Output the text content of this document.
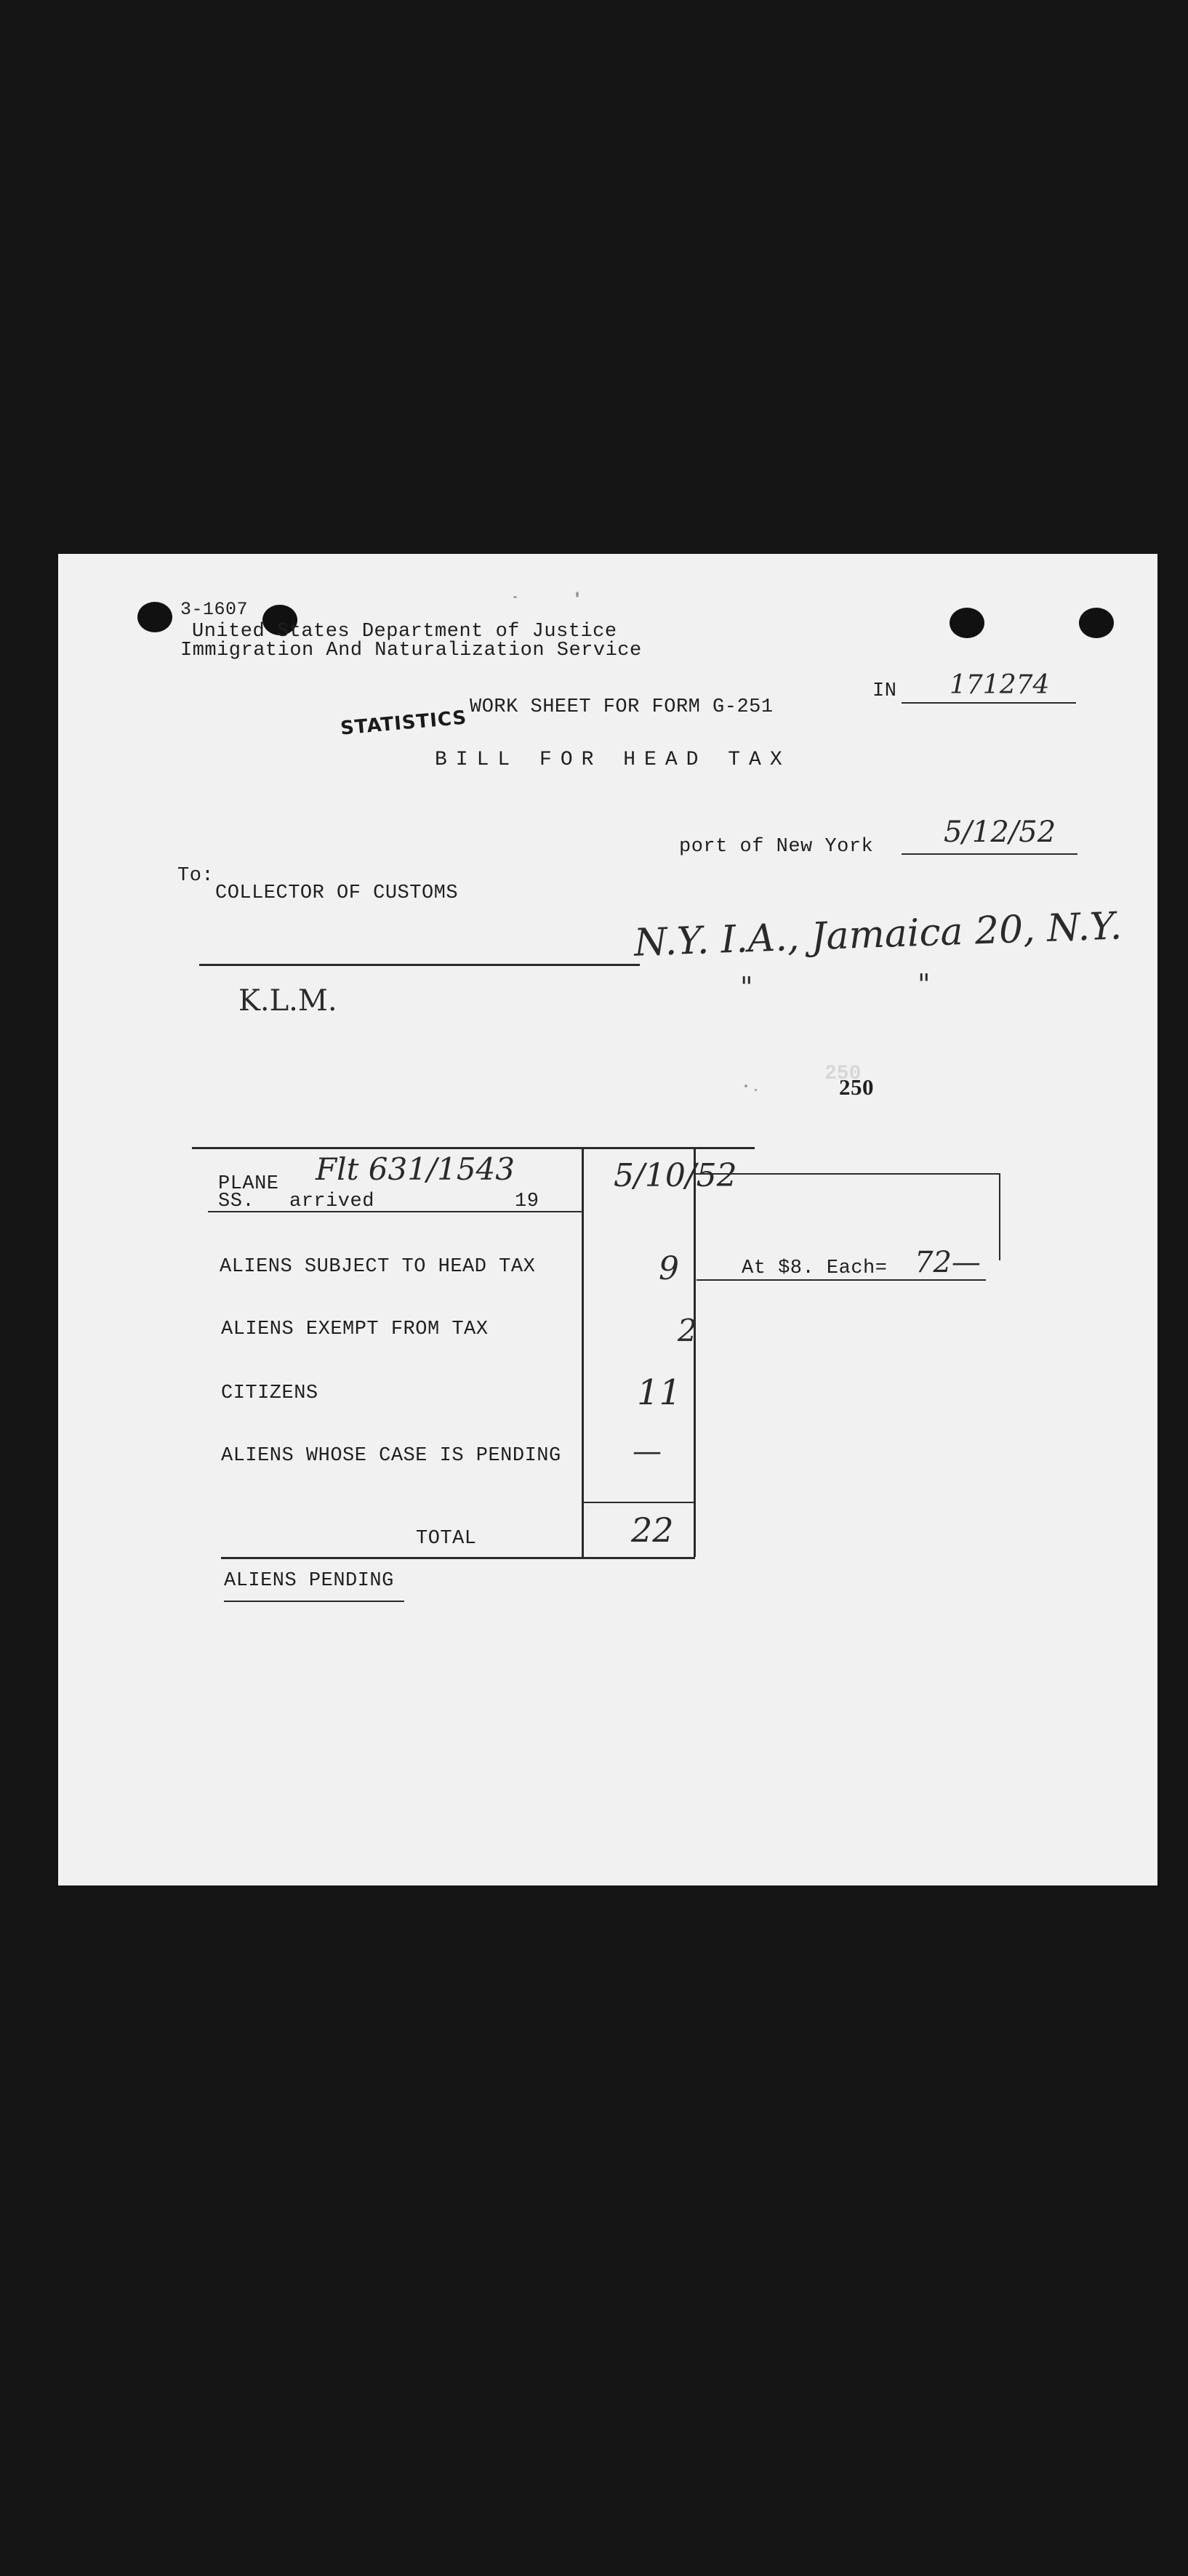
3-1607
United States Department of Justice
Immigration And Naturalization Service
STATISTICS WORK SHEET FOR FORM G-251
IN 171274
BILL FOR HEAD TAX
port of New York 5/12/52
To:
COLLECTOR OF CUSTOMS
N.Y. I.A., Jamaica 20, N.Y.
K.L.M.	"	"
250
250
PLANE Flt 631/1543
SS. arrived	19
5/10/52
ALIENS SUBJECT TO HEAD TAX	9	At $8. Each= 72—
ALIENS EXEMPT FROM TAX	2
CITIZENS	11
ALIENS WHOSE CASE IS PENDING —
TOTAL	22
ALIENS PENDING
